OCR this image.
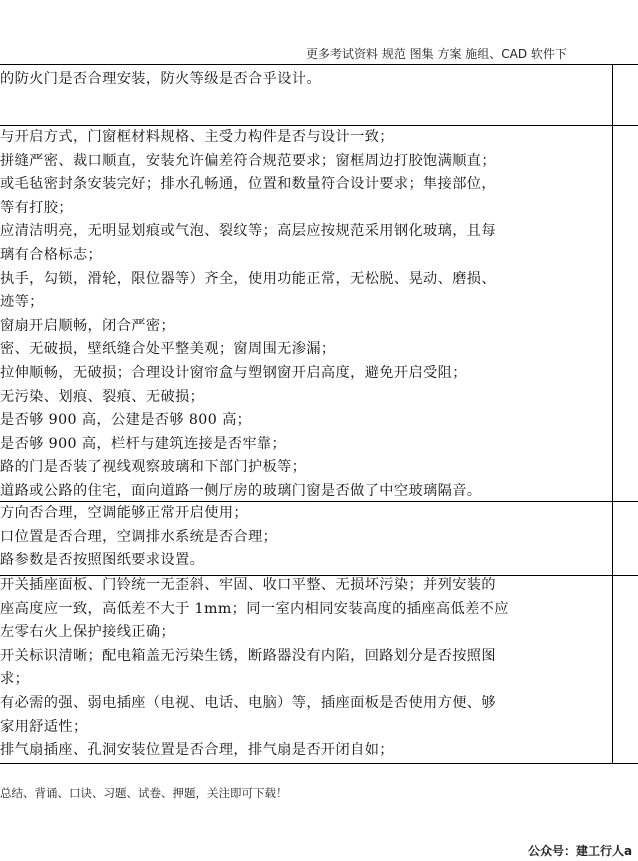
更多考试资料 规范 图集 方案 施组、CAD 软件下
的防火门是否合理安装，防火等级是否合乎设计。
与开启方式，门窗框材料规格、主受力构件是否与设计一致；
拼缝严密、裁口顺直，安装允许偏差符合规范要求；窗框周边打胶饱满顺直；
或毛毡密封条安装完好；排水孔畅通，位置和数量符合设计要求；隼接部位，
等有打胶；
应清洁明亮，无明显划痕或气泡、裂纹等；高层应按规范采用钢化玻璃，且每
璃有合格标志；
执手，勾锁，滑轮，限位器等）齐全，使用功能正常，无松脱、晃动、磨损、
迹等；
窗扇开启顺畅，闭合严密；
密、无破损，壁纸缝合处平整美观；窗周围无渗漏；
拉伸顺畅，无破损；合理设计窗帘盒与塑钢窗开启高度，避免开启受阻；
无污染、划痕、裂痕、无破损；
是否够 900 高，公建是否够 800 高；
是否够 900 高，栏杆与建筑连接是否牢靠；
路的门是否装了视线观察玻璃和下部门护板等；
道路或公路的住宅，面向道路一侧厅房的玻璃门窗是否做了中空玻璃隔音。
方向否合理，空调能够正常开启使用；
口位置是否合理，空调排水系统是否合理；
路参数是否按照图纸要求设置。
开关插座面板、门铃统一无歪斜、牢固、收口平整、无损坏污染；并列安装的
座高度应一致，高低差不大于 1mm；同一室内相同安装高度的插座高低差不应
左零右火上保护接线正确；
开关标识清晰；配电箱盖无污染生锈，断路器没有内陷，回路划分是否按照图
求；
有必需的强、弱电插座（电视、电话、电脑）等，插座面板是否使用方便、够
家用舒适性；
排气扇插座、孔洞安装位置是否合理，排气扇是否开闭自如；
总结、背诵、口诀、习题、试卷、押题，关注即可下载！
公众号：建工行人a
